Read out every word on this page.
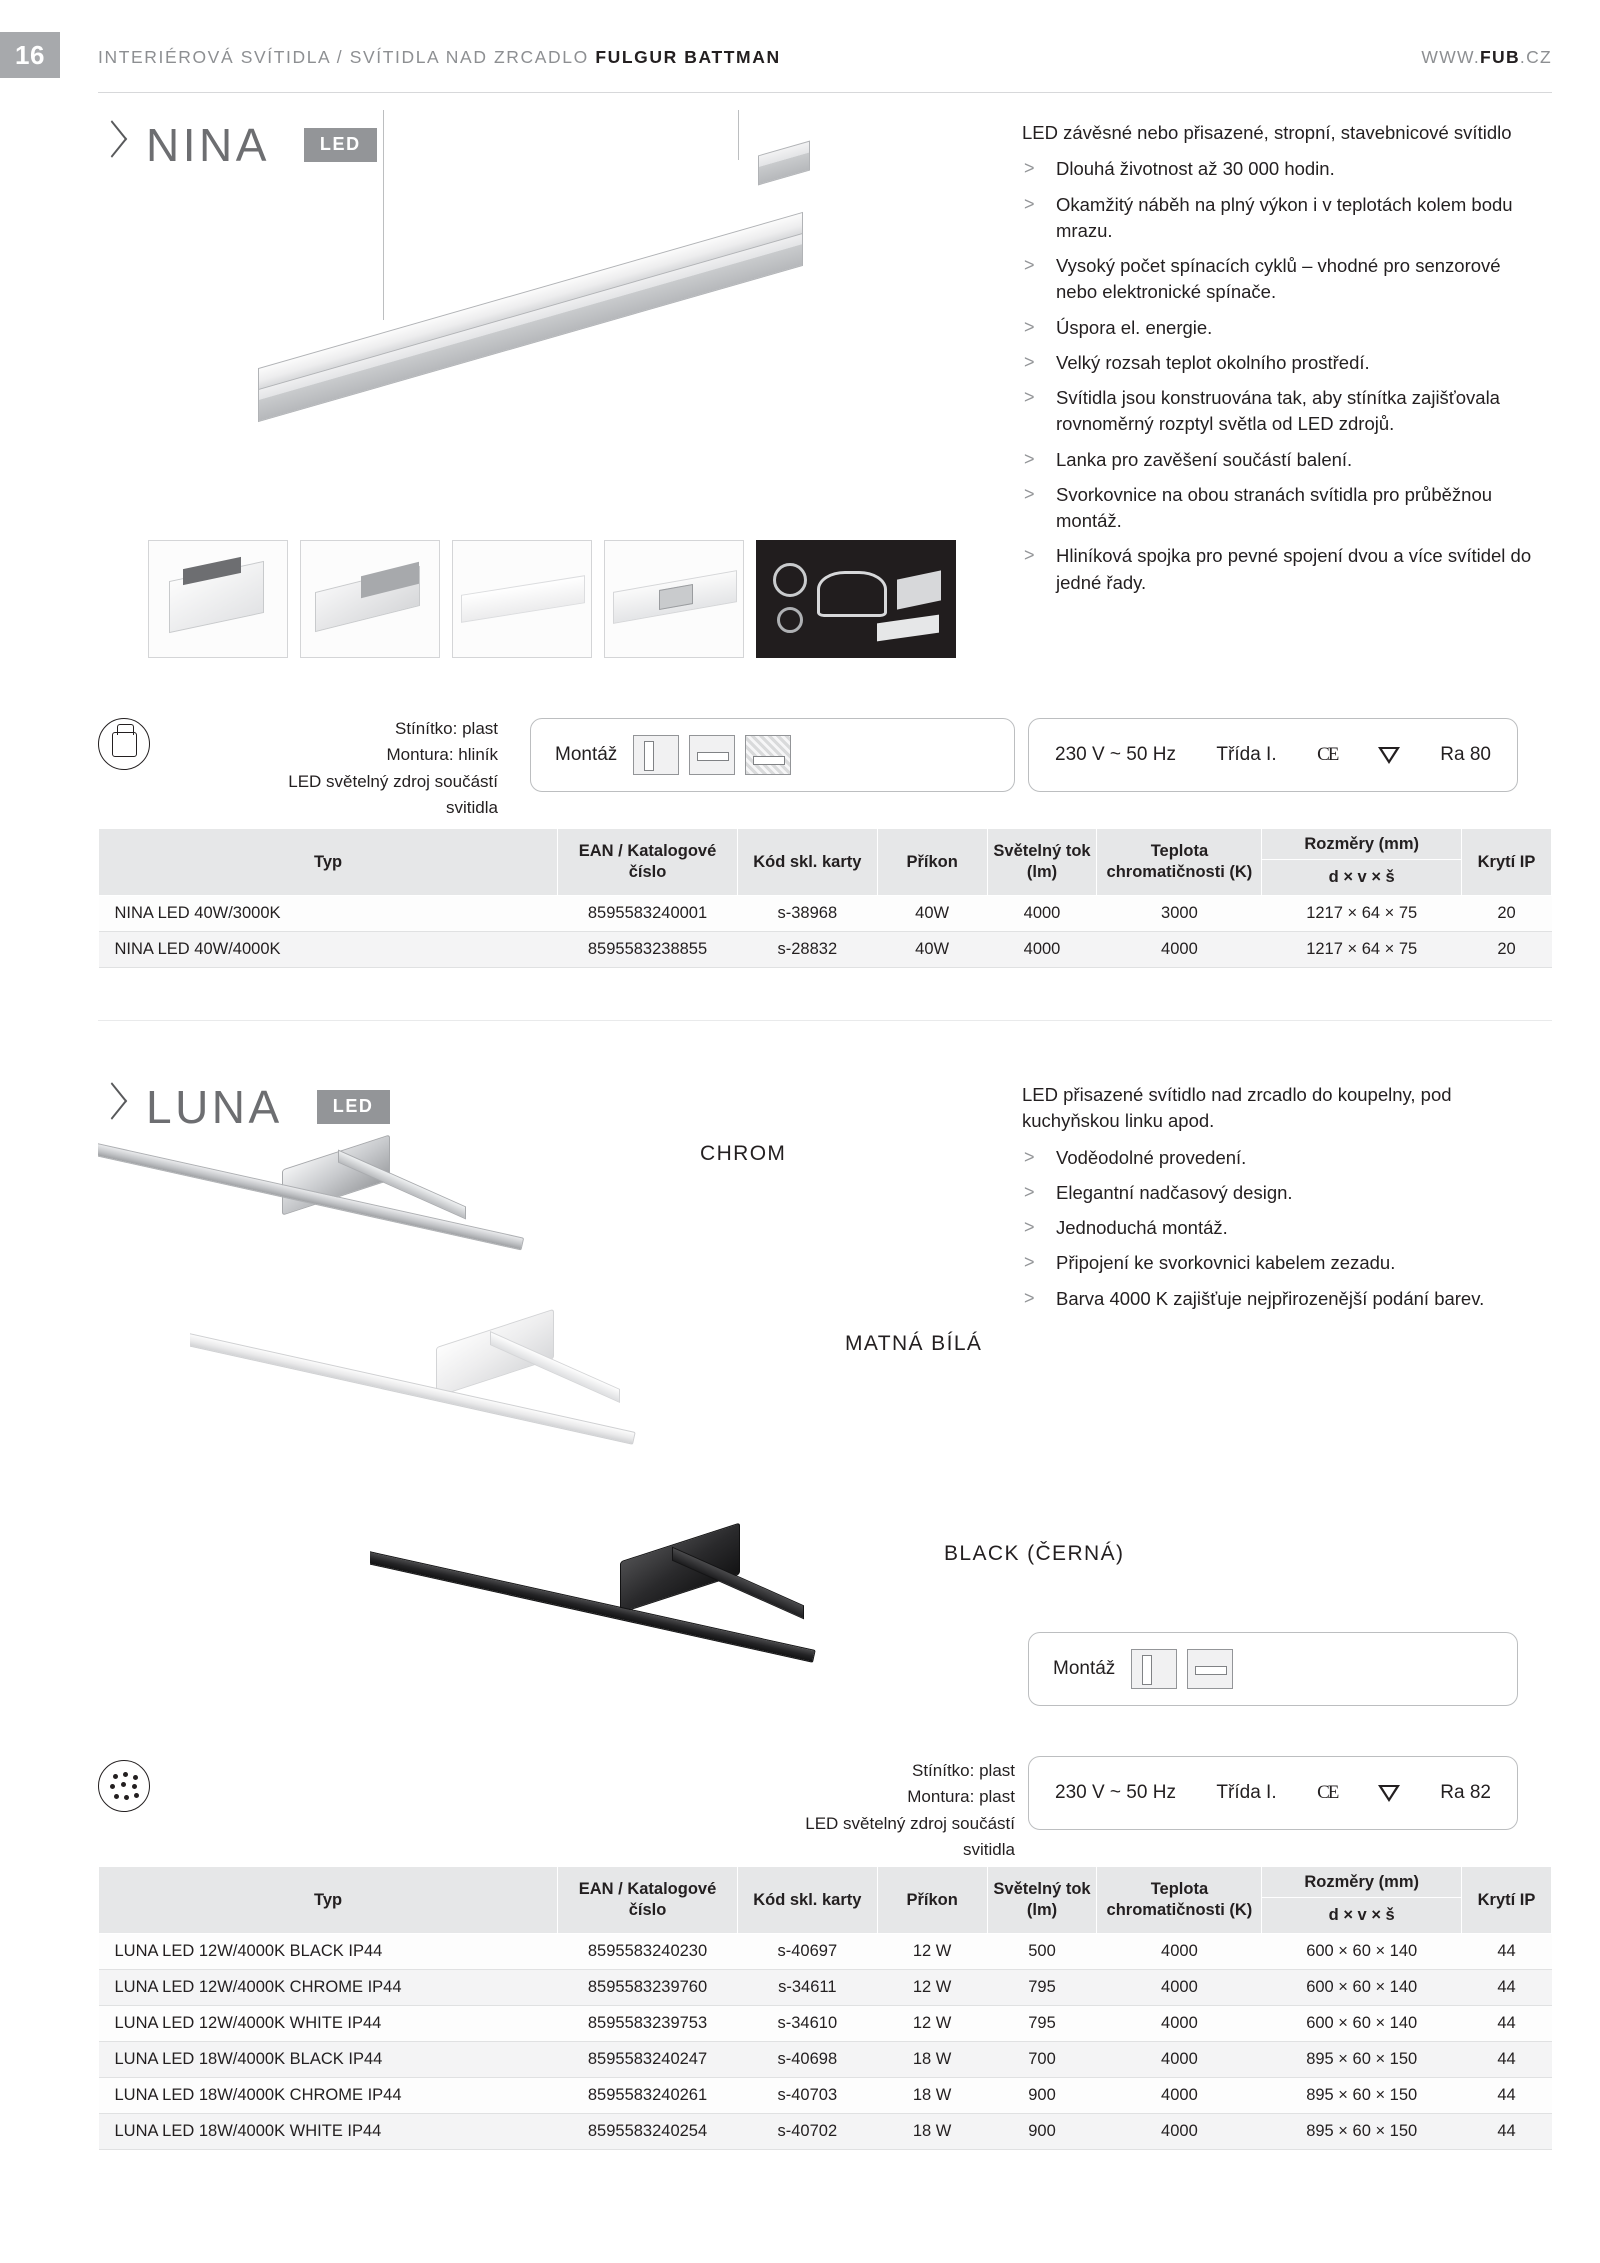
16	INTERIÉROVÁ SVÍTIDLA / SVÍTIDLA NAD ZRCADLO FULGUR BATTMAN	WWW.FUB.CZ
NINA	LED

LED závěsné nebo přisazené, stropní, stavebnicové svítidlo

> Dlouhá životnost až 30 000 hodin.
> Okamžitý náběh na plný výkon i v teplotách kolem bodu mrazu.
> Vysoký počet spínacích cyklů – vhodné pro senzorové nebo elektronické spínače.
> Úspora el. energie.
> Velký rozsah teplot okolního prostředí.
> Svítidla jsou konstruována tak, aby stínítka zajišťovala rovnoměrný rozptyl světla od LED zdrojů.
> Lanka pro zavěšení součástí balení.
> Svorkovnice na obou stranách svítidla pro průběžnou montáž.
> Hliníková spojka pro pevné spojení dvou a více svítidel do jedné řady.
Stínítko: plast
Montura: hliník
LED světelný zdroj součástí svitidla
Montáž	230 V ~ 50 Hz Třída I. CE	Ra 80
Typ	EAN / Katalogové číslo	Kód skl. karty	Příkon	Světelný tok (lm)	Teplota chromatičnosti (K)	Rozměry (mm)	Krytí IP
						d × v × š	
NINA LED 40W/3000K	8595583240001	s-38968	40W	4000	3000	1217 × 64 × 75	20
NINA LED 40W/4000K	8595583238855	s-28832	40W	4000	4000	1217 × 64 × 75	20
LUNA	LED

LED přisazené svítidlo nad zrcadlo do koupelny, pod kuchyňskou linku apod.

> Voděodolné provedení.
> Elegantní nadčasový design.
> Jednoduchá montáž.
> Připojení ke svorkovnici kabelem zezadu.
> Barva 4000 K zajišťuje nejpřirozenější podání barev.
CHROM
MATNÁ BÍLÁ
BLACK (ČERNÁ)
Montáž
Stínítko: plast
Montura: plast
LED světelný zdroj součástí svitidla
230 V ~ 50 Hz Třída I. CE	Ra 82
Typ	EAN / Katalogové číslo	Kód skl. karty	Příkon	Světelný tok (lm)	Teplota chromatičnosti (K)	Rozměry (mm)	Krytí IP
						d × v × š	
LUNA LED 12W/4000K BLACK IP44	8595583240230	s-40697	12 W	500	4000	600 × 60 × 140	44
LUNA LED 12W/4000K CHROME IP44	8595583239760	s-34611	12 W	795	4000	600 × 60 × 140	44
LUNA LED 12W/4000K WHITE IP44	8595583239753	s-34610	12 W	795	4000	600 × 60 × 140	44
LUNA LED 18W/4000K BLACK IP44	8595583240247	s-40698	18 W	700	4000	895 × 60 × 150	44
LUNA LED 18W/4000K CHROME IP44	8595583240261	s-40703	18 W	900	4000	895 × 60 × 150	44
LUNA LED 18W/4000K WHITE IP44	8595583240254	s-40702	18 W	900	4000	895 × 60 × 150	44
